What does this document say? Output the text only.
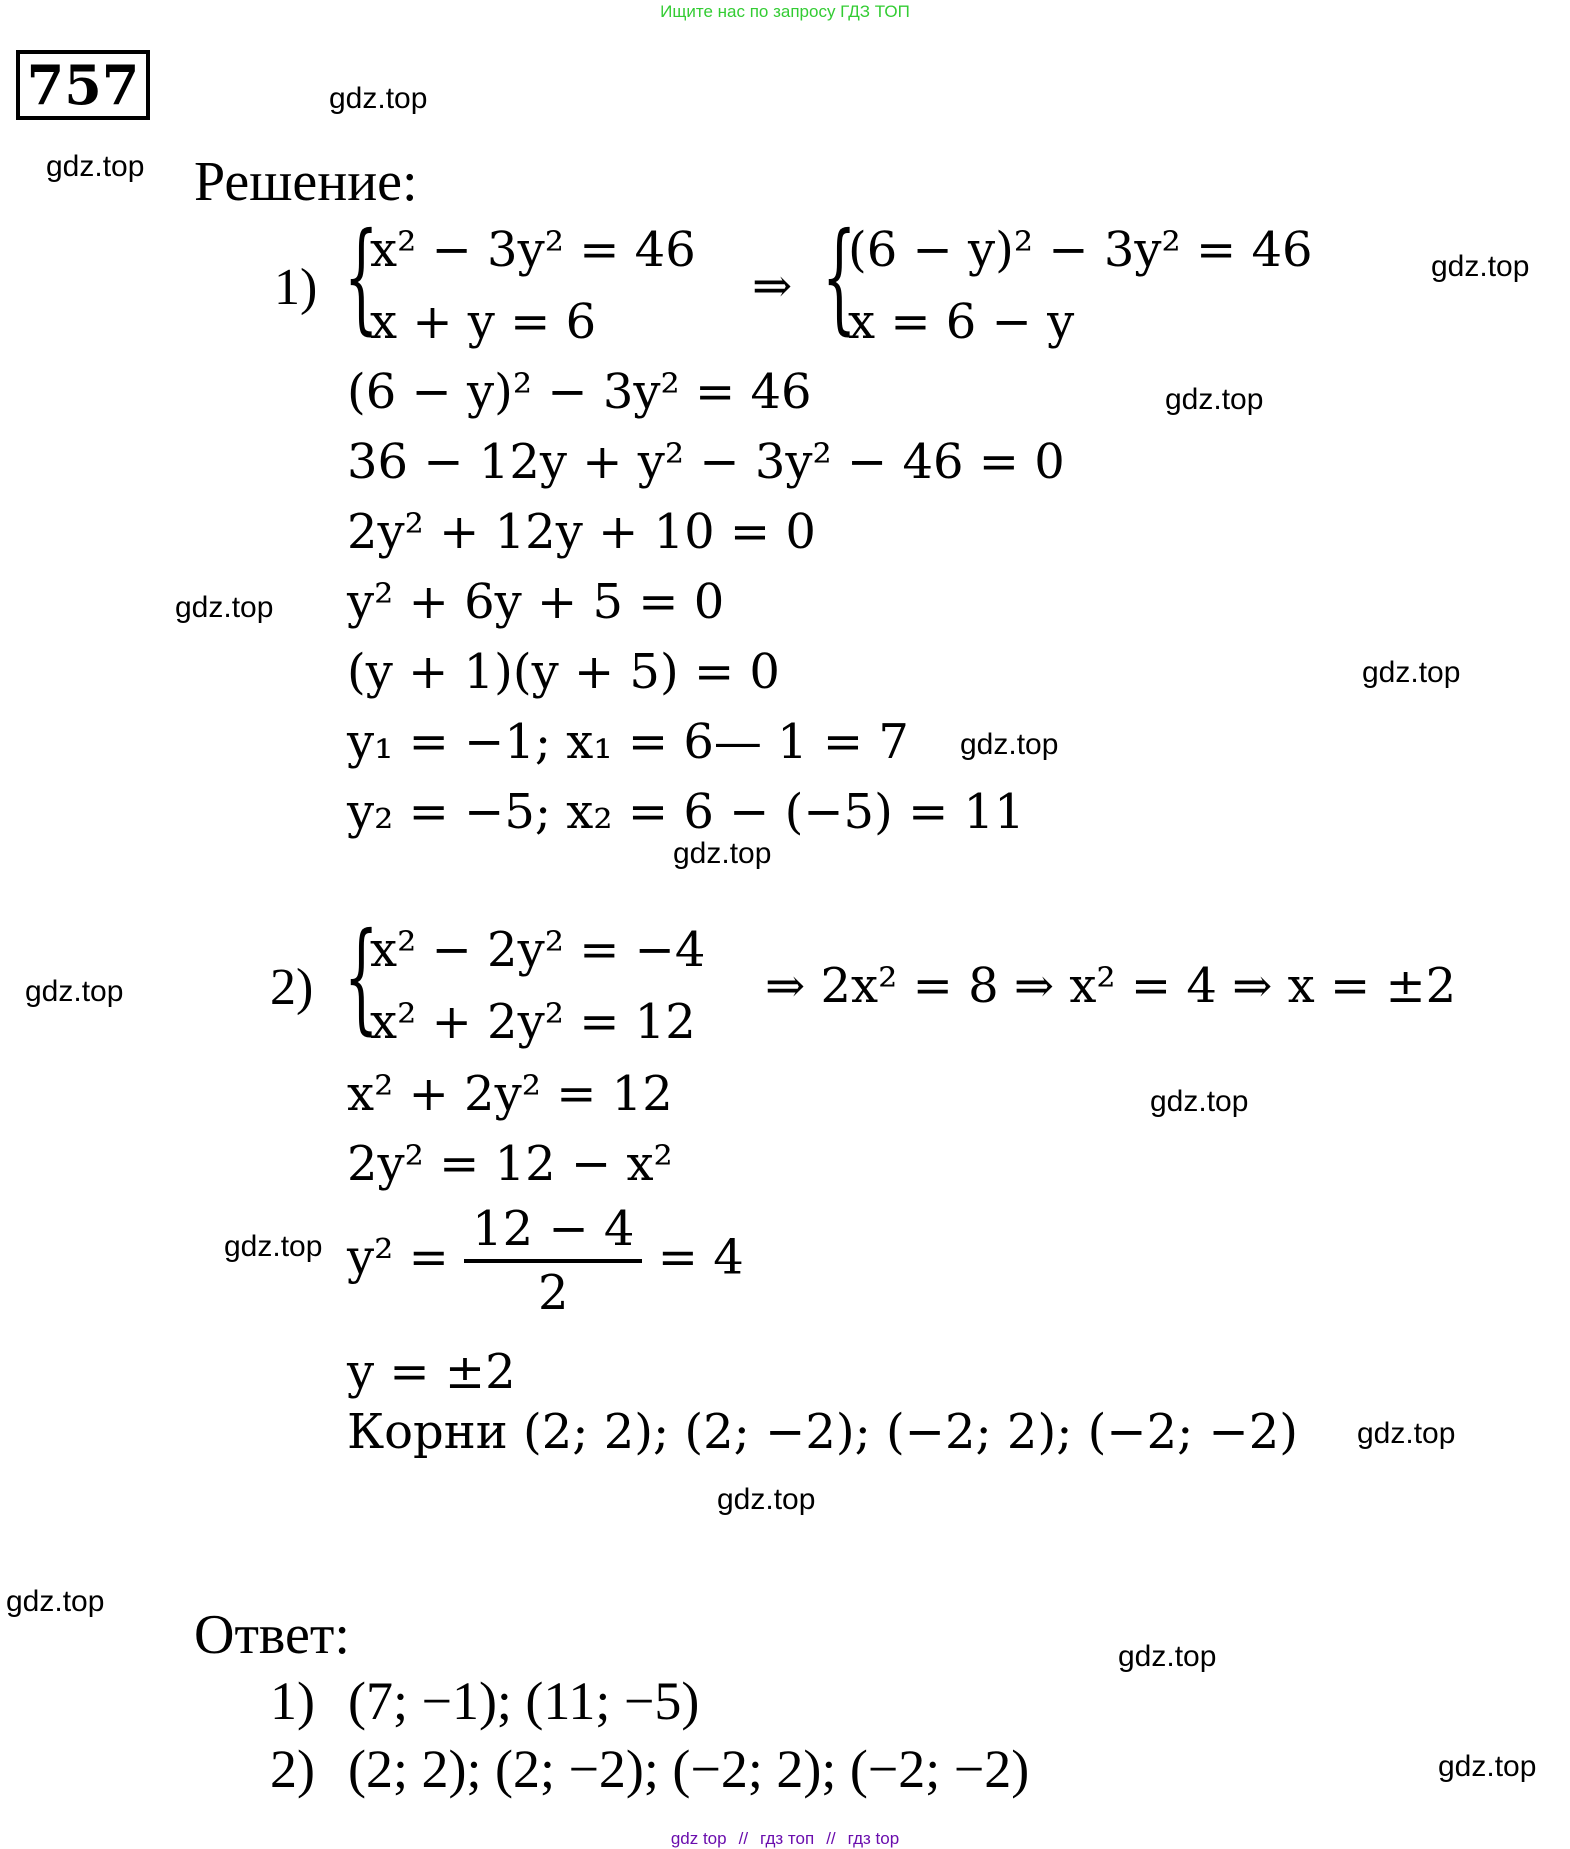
Ищите нас по запросу ГДЗ ТОП
757	gdz.top
gdz.top
gdz.top
gdz.top
gdz.top
gdz.top
gdz.top
gdz.top
gdz.top
gdz.top
gdz.top
gdz.top
gdz.top
gdz.top
gdz.top
gdz.top
Решение:
1) {
x² − 3y² = 46
x + y = 6
⇒ {
(6 − y)² − 3y² = 46
x = 6 − y
(6 − y)² − 3y² = 46
36 − 12y + y² − 3y² − 46 = 0
2y² + 12y + 10 = 0
y² + 6y + 5 = 0
(y + 1)(y + 5) = 0
y₁ = −1; x₁ = 6— 1 = 7
y₂ = −5; x₂ = 6 − (−5) = 11
2) {
x² − 2y² = −4
x² + 2y² = 12
⇒ 2x² = 8 ⇒ x² = 4 ⇒ x = ±2
x² + 2y² = 12
2y² = 12 − x²
$y^2 = \frac{12 - 4}{2} = 4$
y = ±2
Корни (2; 2); (2; −2); (−2; 2); (−2; −2)
Ответ:
1) (7; −1); (11; −5)
2) (2; 2); (2; −2); (−2; 2); (−2; −2)
gdz top // гдз топ // гдз top
